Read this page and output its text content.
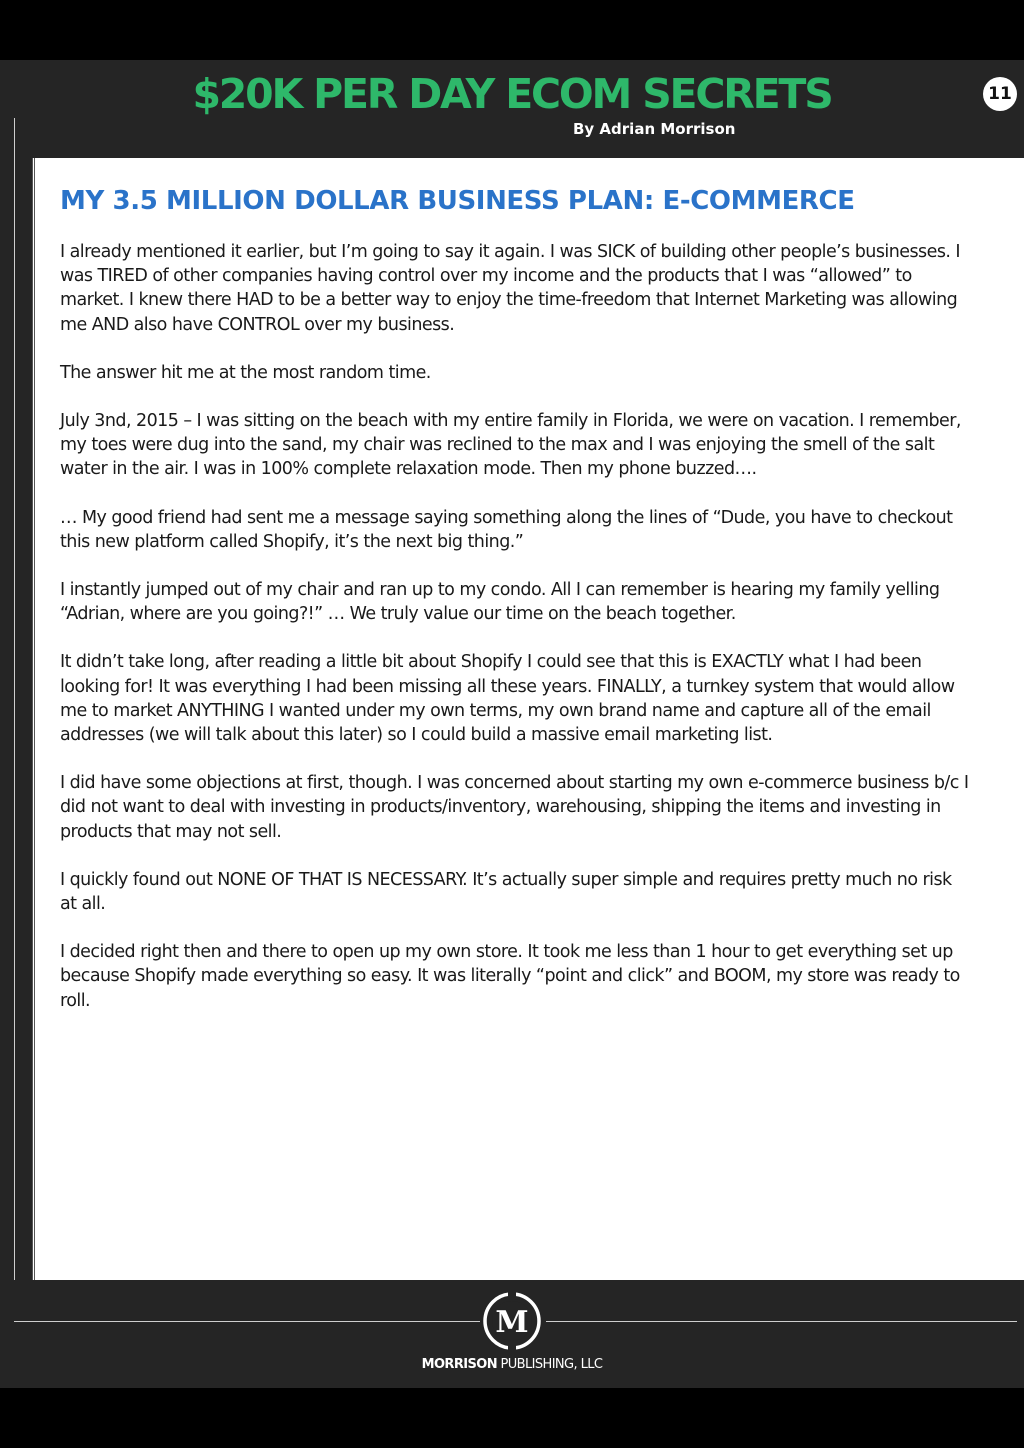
$20K PER DAY ECOM SECRETS
By Adrian Morrison
11
MY 3.5 MILLION DOLLAR BUSINESS PLAN: E-COMMERCE

I already mentioned it earlier, but I’m going to say it again. I was SICK of building other people’s businesses. I was TIRED of other companies having control over my income and the products that I was “allowed” to market. I knew there HAD to be a better way to enjoy the time-freedom that Internet Marketing was allowing me AND also have CONTROL over my business.

The answer hit me at the most random time.

July 3nd, 2015 – I was sitting on the beach with my entire family in Florida, we were on vacation. I remember, my toes were dug into the sand, my chair was reclined to the max and I was enjoying the smell of the salt water in the air. I was in 100% complete relaxation mode. Then my phone buzzed….

… My good friend had sent me a message saying something along the lines of “Dude, you have to checkout this new platform called Shopify, it’s the next big thing.”

I instantly jumped out of my chair and ran up to my condo. All I can remember is hearing my family yelling “Adrian, where are you going?!” … We truly value our time on the beach together.

It didn’t take long, after reading a little bit about Shopify I could see that this is EXACTLY what I had been looking for! It was everything I had been missing all these years. FINALLY, a turnkey system that would allow me to market ANYTHING I wanted under my own terms, my own brand name and capture all of the email addresses (we will talk about this later) so I could build a massive email marketing list.

I did have some objections at first, though. I was concerned about starting my own e-commerce business b/c I did not want to deal with investing in products/inventory, warehousing, shipping the items and investing in products that may not sell.

I quickly found out NONE OF THAT IS NECESSARY. It’s actually super simple and requires pretty much no risk at all.

I decided right then and there to open up my own store. It took me less than 1 hour to get everything set up because Shopify made everything so easy. It was literally “point and click” and BOOM, my store was ready to roll.

M
MORRISON PUBLISHING, LLC
